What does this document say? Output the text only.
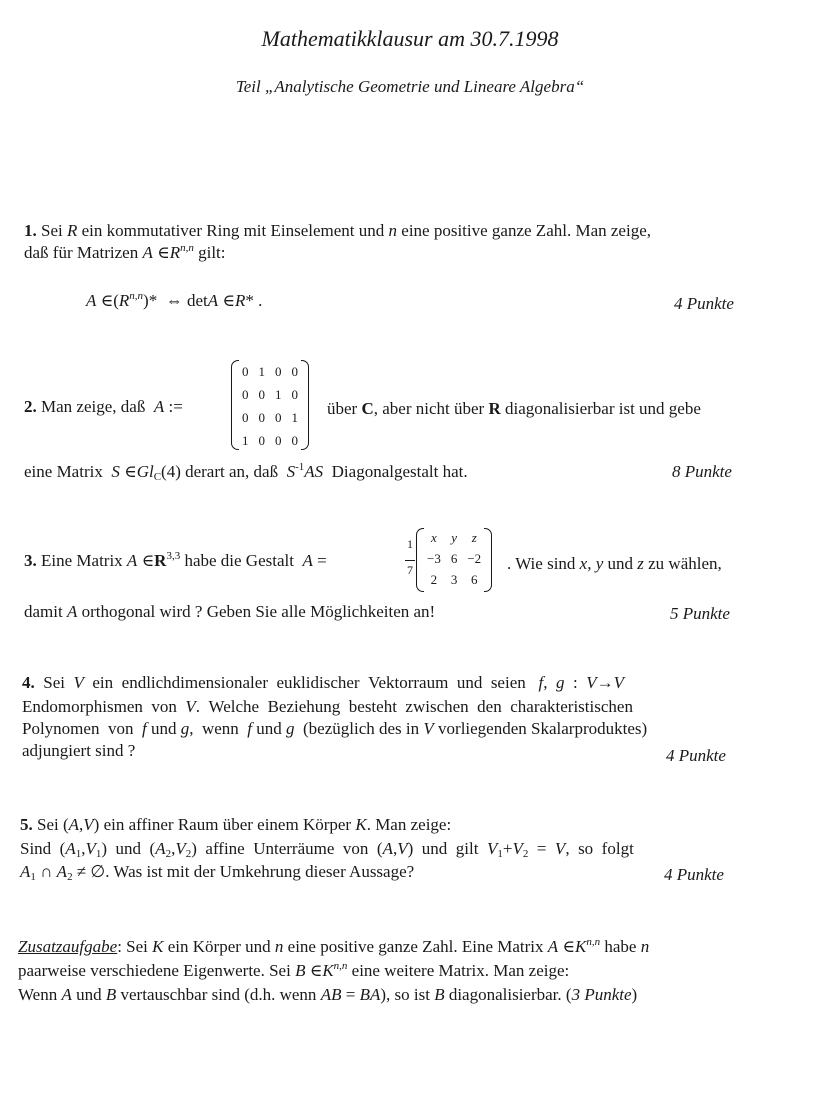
Mathematikklausur am 30.7.1998
Teil „Analytische Geometrie und Lineare Algebra“
1. Sei R ein kommutativer Ring mit Einselement und n eine positive ganze Zahl. Man zeige,
daß für Matrizen A $\in R^{n,n}$ gilt:
A $\in(R^{n,n})*$  ⇔ detA ∈R* .	4 Punkte
2. Man zeige, daß  A :=
0	1	0	0
0	0	1	0
0	0	0	1
1	0	0	0
über C, aber nicht über R diagonalisierbar ist und gebe
eine Matrix  S $\in Gl_C(4)$ derart an, daß  $S^{-1}AS$  Diagonalgestalt hat.	8 Punkte
3. Eine Matrix A $\in R^{3,3}$ habe die Gestalt  A =
1

7
x	y	z
−3	6	−2
2	3	6
. Wie sind x, y und z zu wählen,
damit A orthogonal wird ? Geben Sie alle Möglichkeiten an!	5 Punkte
4.  Sei  V  ein  endlichdimensionaler  euklidischer  Vektorraum  und  seien   f,  g  :  V→V
Endomorphismen  von  V.  Welche  Beziehung  besteht  zwischen  den  charakteristischen
Polynomen  von  f und g,  wenn  f und g  (bezüglich des in V vorliegenden Skalarproduktes)
adjungiert sind ?	4 Punkte
5. Sei (A,V) ein affiner Raum über einem Körper K. Man zeige:
Sind  $(A_1,V_1)$  und  $(A_2,V_2)$  affine  Unterräume  von  (A,V)  und  gilt  $V_1+V_2 = V$,  so  folgt
$A_1$ ∩ $A_2$ ≠ ∅. Was ist mit der Umkehrung dieser Aussage?	4 Punkte
Zusatzaufgabe: Sei K ein Körper und n eine positive ganze Zahl. Eine Matrix A $\in K^{n,n}$ habe n
paarweise verschiedene Eigenwerte. Sei B $\in K^{n,n}$ eine weitere Matrix. Man zeige:
Wenn A und B vertauschbar sind (d.h. wenn AB = BA), so ist B diagonalisierbar. (3 Punkte)
